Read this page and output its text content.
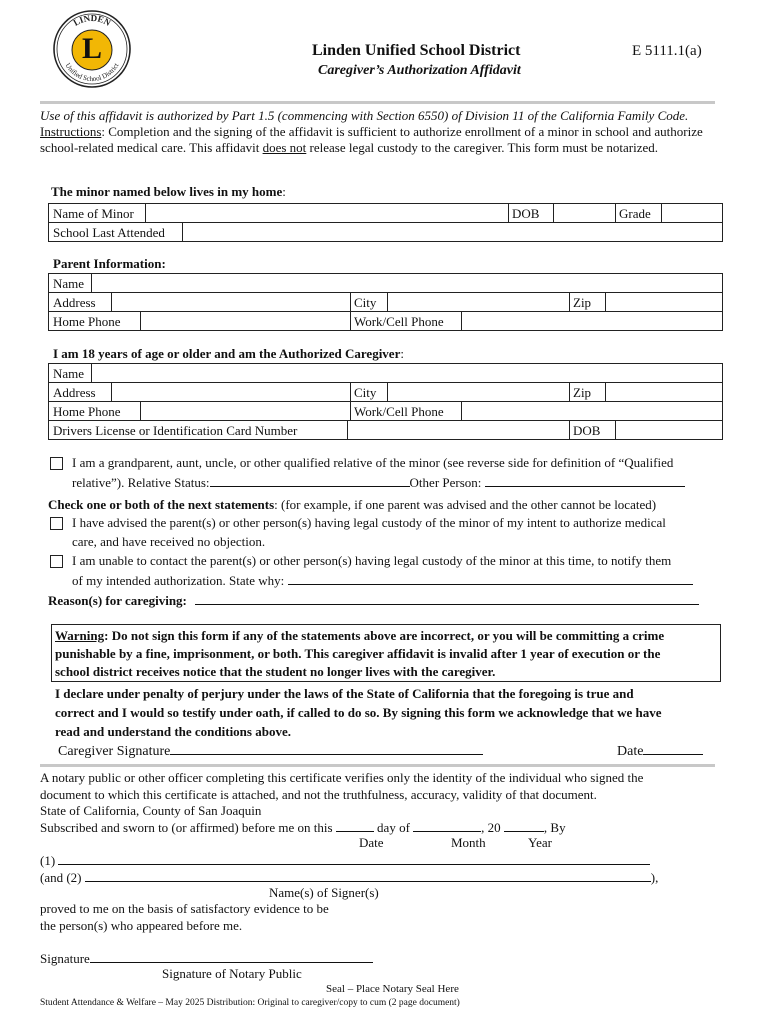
LINDEN
Unified School District
L	Linden Unified School District	E 5111.1(a)
Caregiver’s Authorization Affidavit
Use of this affidavit is authorized by Part 1.5 (commencing with Section 6550) of Division 11 of the California Family Code. Instructions: Completion and the signing of the affidavit is sufficient to authorize enrollment of a minor in school and authorize school-related medical care. This affidavit does not release legal custody to the caregiver. This form must be notarized.
The minor named below lives in my home:
Name of Minor	DOB	Grade
School Last Attended
Parent Information:
Name
Address	City	Zip
Home Phone	Work/Cell Phone
I am 18 years of age or older and am the Authorized Caregiver:
Name
Address	City	Zip
Home Phone	Work/Cell Phone
Drivers License or Identification Card Number	DOB
I am a grandparent, aunt, uncle, or other qualified relative of the minor (see reverse side for definition of “Qualified
relative”). Relative Status:	Other Person:
Check one or both of the next statements: (for example, if one parent was advised and the other cannot be located)
I have advised the parent(s) or other person(s) having legal custody of the minor of my intent to authorize medical
care, and have received no objection.
I am unable to contact the parent(s) or other person(s) having legal custody of the minor at this time, to notify them
of my intended authorization. State why:
Reason(s) for caregiving:
Warning: Do not sign this form if any of the statements above are incorrect, or you will be committing a crime
punishable by a fine, imprisonment, or both. This caregiver affidavit is invalid after 1 year of execution or the
school district receives notice that the student no longer lives with the caregiver.
I declare under penalty of perjury under the laws of the State of California that the foregoing is true and
correct and I would so testify under oath, if called to do so. By signing this form we acknowledge that we have
read and understand the conditions above.
Caregiver Signature	Date
A notary public or other officer completing this certificate verifies only the identity of the individual who signed the
document to which this certificate is attached, and not the truthfulness, accuracy, validity of that document.
State of California, County of San Joaquin
Subscribed and sworn to (or affirmed) before me on this	day of	, 20	, By
Date	Month	Year
(1)
(and (2)	),
Name(s) of Signer(s)
proved to me on the basis of satisfactory evidence to be
the person(s) who appeared before me.
Signature
Signature of Notary Public
Seal – Place Notary Seal Here
Student Attendance & Welfare – May 2025 Distribution: Original to caregiver/copy to cum (2 page document)
